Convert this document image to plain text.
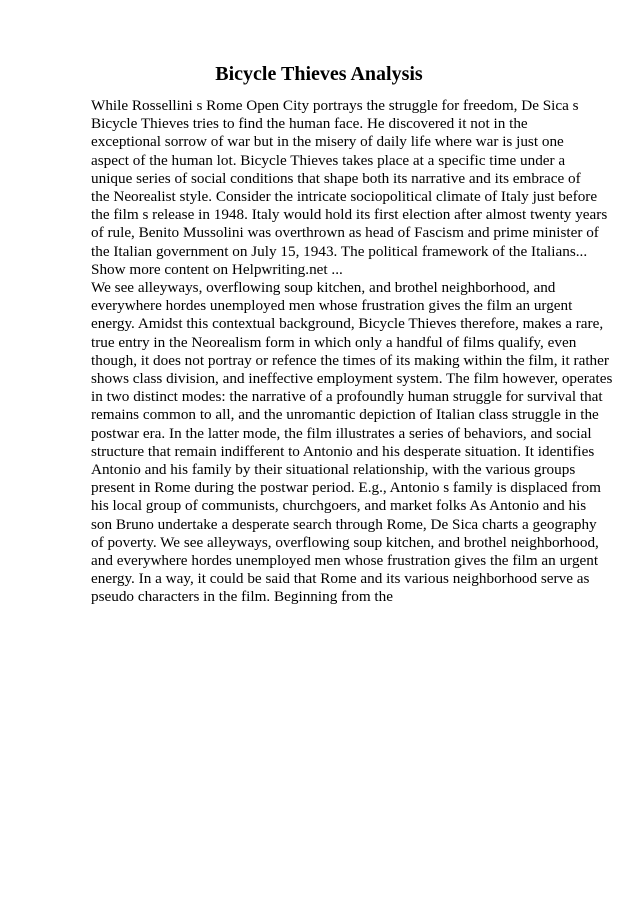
Bicycle Thieves Analysis
While Rossellini s Rome Open City portrays the struggle for freedom, De Sica s
Bicycle Thieves tries to find the human face. He discovered it not in the
exceptional sorrow of war but in the misery of daily life where war is just one
aspect of the human lot. Bicycle Thieves takes place at a specific time under a
unique series of social conditions that shape both its narrative and its embrace of
the Neorealist style. Consider the intricate sociopolitical climate of Italy just before
the film s release in 1948. Italy would hold its first election after almost twenty years
of rule, Benito Mussolini was overthrown as head of Fascism and prime minister of
the Italian government on July 15, 1943. The political framework of the Italians...
Show more content on Helpwriting.net ...
We see alleyways, overflowing soup kitchen, and brothel neighborhood, and
everywhere hordes unemployed men whose frustration gives the film an urgent
energy. Amidst this contextual background, Bicycle Thieves therefore, makes a rare,
true entry in the Neorealism form in which only a handful of films qualify, even
though, it does not portray or refence the times of its making within the film, it rather
shows class division, and ineffective employment system. The film however, operates
in two distinct modes: the narrative of a profoundly human struggle for survival that
remains common to all, and the unromantic depiction of Italian class struggle in the
postwar era. In the latter mode, the film illustrates a series of behaviors, and social
structure that remain indifferent to Antonio and his desperate situation. It identifies
Antonio and his family by their situational relationship, with the various groups
present in Rome during the postwar period. E.g., Antonio s family is displaced from
his local group of communists, churchgoers, and market folks As Antonio and his
son Bruno undertake a desperate search through Rome, De Sica charts a geography
of poverty. We see alleyways, overflowing soup kitchen, and brothel neighborhood,
and everywhere hordes unemployed men whose frustration gives the film an urgent
energy. In a way, it could be said that Rome and its various neighborhood serve as
pseudo characters in the film. Beginning from the
